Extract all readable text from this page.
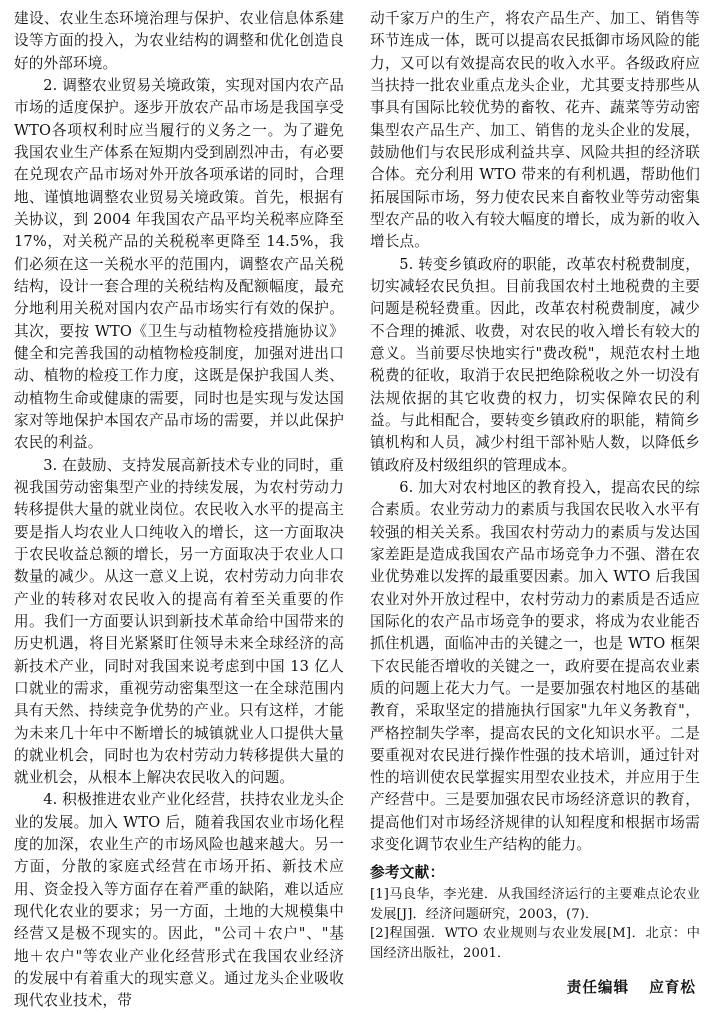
建设、农业生态环境治理与保护、农业信息体系建设等方面的投入，为农业结构的调整和优化创造良好的外部环境。

2. 调整农业贸易关境政策，实现对国内农产品市场的适度保护。逐步开放农产品市场是我国享受WTO各项权利时应当履行的义务之一。为了避免我国农业生产体系在短期内受到剧烈冲击，有必要在兑现农产品市场对外开放各项承诺的同时，合理地、谨慎地调整农业贸易关境政策。首先，根据有关协议，到 2004 年我国农产品平均关税率应降至17%，对关税产品的关税税率更降至 14.5%，我们必须在这一关税水平的范围内，调整农产品关税结构，设计一套合理的关税结构及配额幅度，最充分地利用关税对国内农产品市场实行有效的保护。其次，要按 WTO《卫生与动植物检疫措施协议》健全和完善我国的动植物检疫制度，加强对进出口动、植物的检疫工作力度，这既是保护我国人类、动植物生命或健康的需要，同时也是实现与发达国家对等地保护本国农产品市场的需要，并以此保护农民的利益。

3. 在鼓励、支持发展高新技术专业的同时，重视我国劳动密集型产业的持续发展，为农村劳动力转移提供大量的就业岗位。农民收入水平的提高主要是指人均农业人口纯收入的增长，这一方面取决于农民收益总额的增长，另一方面取决于农业人口数量的减少。从这一意义上说，农村劳动力向非农产业的转移对农民收入的提高有着至关重要的作用。我们一方面要认识到新技术革命给中国带来的历史机遇，将目光紧紧盯住领导未来全球经济的高新技术产业，同时对我国来说考虑到中国 13 亿人口就业的需求，重视劳动密集型这一在全球范围内具有天然、持续竞争优势的产业。只有这样，才能为未来几十年中不断增长的城镇就业人口提供大量的就业机会，同时也为农村劳动力转移提供大量的就业机会，从根本上解决农民收入的问题。

4. 积极推进农业产业化经营，扶持农业龙头企业的发展。加入 WTO 后，随着我国农业市场化程度的加深，农业生产的市场风险也越来越大。另一方面，分散的家庭式经营在市场开拓、新技术应用、资金投入等方面存在着严重的缺陷，难以适应现代化农业的要求；另一方面，土地的大规模集中经营又是极不现实的。因此，"公司＋农户"、"基地＋农户"等农业产业化经营形式在我国农业经济的发展中有着重大的现实意义。通过龙头企业吸收现代农业技术，带

动千家万户的生产，将农产品生产、加工、销售等环节连成一体，既可以提高农民抵御市场风险的能力，又可以有效提高农民的收入水平。各级政府应当扶持一批农业重点龙头企业，尤其要支持那些从事具有国际比较优势的畜牧、花卉、蔬菜等劳动密集型农产品生产、加工、销售的龙头企业的发展，鼓励他们与农民形成利益共享、风险共担的经济联合体。充分利用 WTO 带来的有利机遇，帮助他们拓展国际市场，努力使农民来自畜牧业等劳动密集型农产品的收入有较大幅度的增长，成为新的收入增长点。

5. 转变乡镇政府的职能，改革农村税费制度，切实减轻农民负担。目前我国农村土地税费的主要问题是税轻费重。因此，改革农村税费制度，减少不合理的摊派、收费，对农民的收入增长有较大的意义。当前要尽快地实行"费改税"，规范农村土地税费的征收，取消于农民把绝除税收之外一切没有法规依据的其它收费的权力，切实保障农民的利益。与此相配合，要转变乡镇政府的职能，精简乡镇机构和人员，减少村组干部补贴人数，以降低乡镇政府及村级组织的管理成本。

6. 加大对农村地区的教育投入，提高农民的综合素质。农业劳动力的素质与我国农民收入水平有较强的相关关系。我国农村劳动力的素质与发达国家差距是造成我国农产品市场竞争力不强、潜在农业优势难以发挥的最重要因素。加入 WTO 后我国农业对外开放过程中，农村劳动力的素质是否适应国际化的农产品市场竞争的要求，将成为农业能否抓住机遇，面临冲击的关键之一，也是 WTO 框架下农民能否增收的关键之一，政府要在提高农业素质的问题上花大力气。一是要加强农村地区的基础教育，采取坚定的措施执行国家"九年义务教育"，严格控制失学率，提高农民的文化知识水平。二是要重视对农民进行操作性强的技术培训，通过针对性的培训使农民掌握实用型农业技术，并应用于生产经营中。三是要加强农民市场经济意识的教育，提高他们对市场经济规律的认知程度和根据市场需求变化调节农业生产结构的能力。

参考文献：

[1]马良华，李光建．从我国经济运行的主要难点论农业发展[J]．经济问题研究，2003，(7)．

[2]程国强．WTO 农业规则与农业发展[M]．北京：中国经济出版社，2001．

责任编辑 应育松
